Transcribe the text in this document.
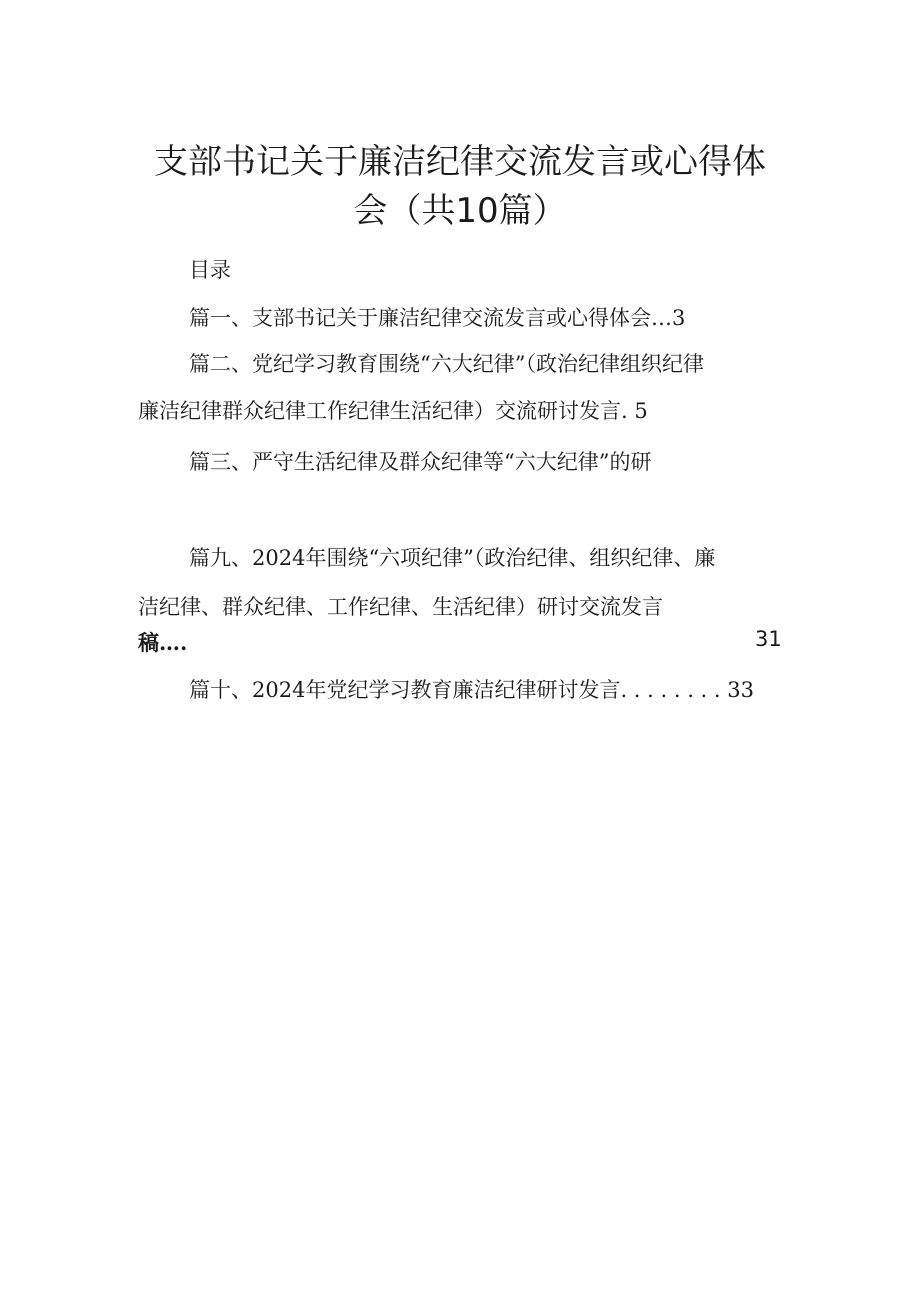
支部书记关于廉洁纪律交流发言或心得体
会（共10篇）
目录
篇一、支部书记关于廉洁纪律交流发言或心得体会…3
篇二、党纪学习教育围绕“六大纪律”（政治纪律组织纪律
廉洁纪律群众纪律工作纪律生活纪律）交流研讨发言. 5
篇三、严守生活纪律及群众纪律等“六大纪律”的研
篇九、2024年围绕“六项纪律”（政治纪律、组织纪律、廉
洁纪律、群众纪律、工作纪律、生活纪律）研讨交流发言
稿….	31
篇十、2024年党纪学习教育廉洁纪律研讨发言. . . . . . . . 33
